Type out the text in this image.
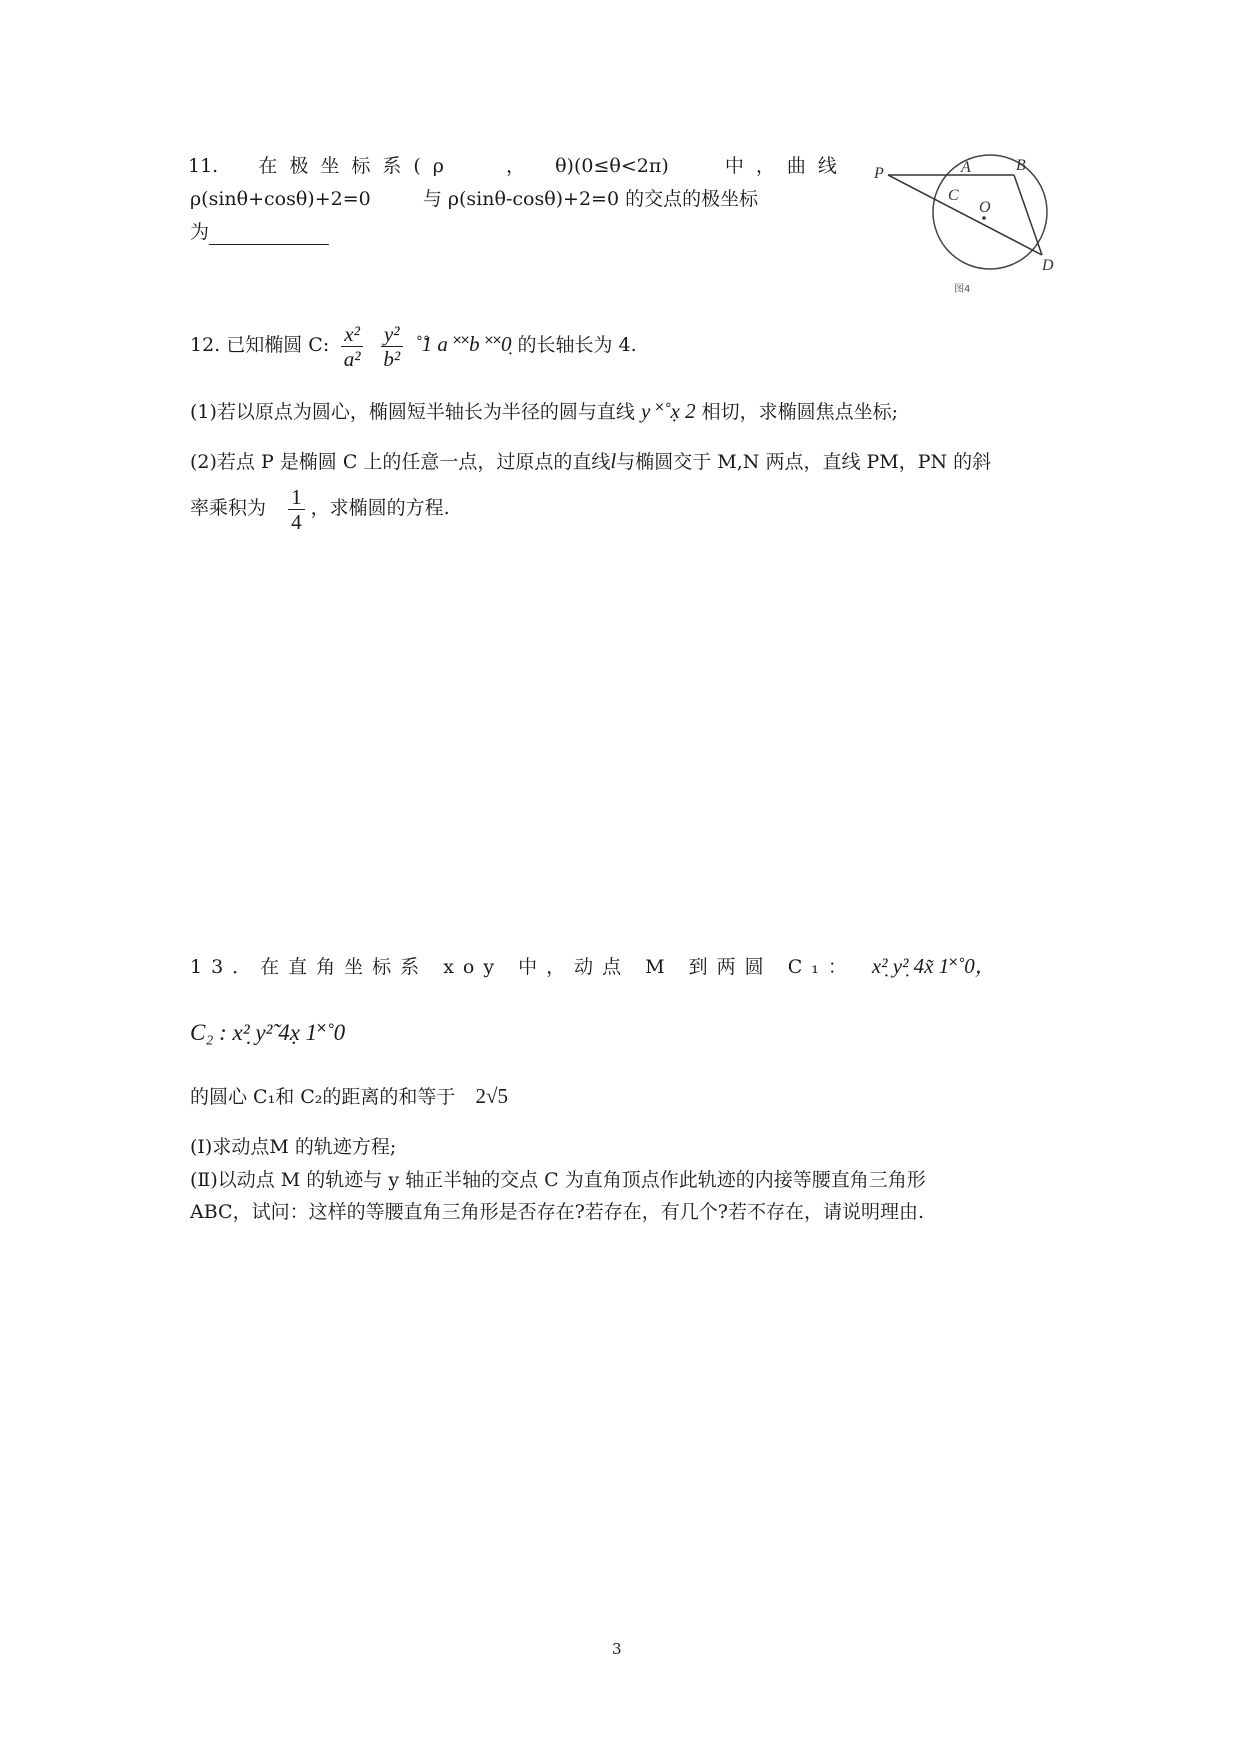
11. 在极坐标系(ρ	， θ)(0≤θ<2π)	中，曲线
ρ(sinθ+cosθ)+2=0	与 ρ(sinθ-cosθ)+2=0 的交点的极坐标
为
P	A	B
C
O
D
图4
12. 已知椭圆 C: $\frac{\text{x²}}{\text{a²}}$
$\frac{\text{y²}}{\text{b²}}$ ˚̊1 a ˟˟b ˟˟0̣ 的长轴长为 4.
(1)若以原点为圆心，椭圆短半轴长为半径的圆与直线 y ˟˚x̣ 2 相切，求椭圆焦点坐标;
(2)若点 P 是椭圆 C 上的任意一点，过原点的直线l与椭圆交于 M,N 两点，直线 PM，PN 的斜
率乘积为 $\frac{1}{4}$ ，求椭圆的方程.
13．在直角坐标系 xoy 中，动点 M 到两圆 C₁： x²̣ y²̣ 4x̃ 1˟˚0，
C₂ : x²̣ y²̃ 4x̣ 1˟˚0
的圆心 C₁和 C₂的距离的和等于 2√5
(I)求动点M 的轨迹方程;
(Ⅱ)以动点 M 的轨迹与 y 轴正半轴的交点 C 为直角顶点作此轨迹的内接等腰直角三角形
ABC，试问：这样的等腰直角三角形是否存在?若存在，有几个?若不存在，请说明理由.
3
